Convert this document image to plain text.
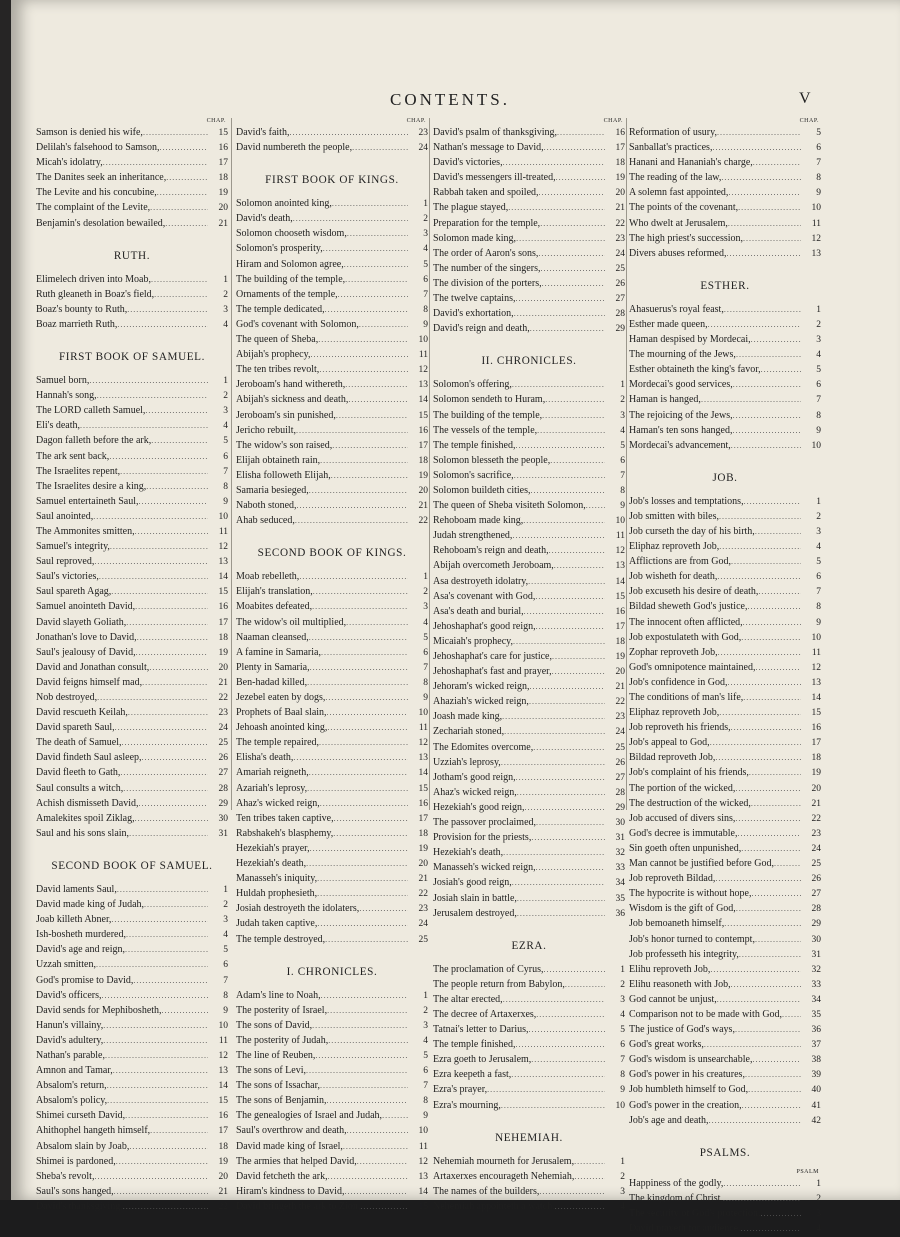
CONTENTS.	V
CHAP.
Samson is denied his wife, .....	15
Delilah's falsehood to Samson, .....	16
Micah's idolatry, .....	17
The Danites seek an inheritance, .....	18
The Levite and his concubine, .....	19
The complaint of the Levite, .....	20
Benjamin's desolation bewailed, .....	21
RUTH.
Elimelech driven into Moab, .....	1
Ruth gleaneth in Boaz's field, .....	2
Boaz's bounty to Ruth, .....	3
Boaz marrieth Ruth, .....	4
FIRST BOOK OF SAMUEL.
Samuel born, .....	1
Hannah's song, .....	2
The LORD calleth Samuel, .....	3
Eli's death, .....	4
Dagon falleth before the ark, .....	5
The ark sent back, .....	6
The Israelites repent, .....	7
The Israelites desire a king, .....	8
Samuel entertaineth Saul, .....	9
Saul anointed, .....	10
The Ammonites smitten, .....	11
Samuel's integrity, .....	12
Saul reproved, .....	13
Saul's victories, .....	14
Saul spareth Agag, .....	15
Samuel anointeth David, .....	16
David slayeth Goliath, .....	17
Jonathan's love to David, .....	18
Saul's jealousy of David, .....	19
David and Jonathan consult, .....	20
David feigns himself mad, .....	21
Nob destroyed, .....	22
David rescueth Keilah, .....	23
David spareth Saul, .....	24
The death of Samuel, .....	25
David findeth Saul asleep, .....	26
David fleeth to Gath, .....	27
Saul consults a witch, .....	28
Achish dismisseth David, .....	29
Amalekites spoil Ziklag, .....	30
Saul and his sons slain, .....	31
SECOND BOOK OF SAMUEL.
David laments Saul, .....	1
David made king of Judah, .....	2
Joab killeth Abner, .....	3
Ish-bosheth murdered, .....	4
David's age and reign, .....	5
Uzzah smitten, .....	6
God's promise to David, .....	7
David's officers, .....	8
David sends for Mephibosheth, .....	9
Hanun's villainy, .....	10
David's adultery, .....	11
Nathan's parable, .....	12
Amnon and Tamar, .....	13
Absalom's return, .....	14
Absalom's policy, .....	15
Shimei curseth David, .....	16
Ahithophel hangeth himself, .....	17
Absalom slain by Joab, .....	18
Shimei is pardoned, .....	19
Sheba's revolt, .....	20
Saul's sons hanged, .....	21
David's thanksgiving, .....	22
CHAP.
David's faith, .....	23
David numbereth the people, .....	24
FIRST BOOK OF KINGS.
Solomon anointed king, .....	1
David's death, .....	2
Solomon chooseth wisdom, .....	3
Solomon's prosperity, .....	4
Hiram and Solomon agree, .....	5
The building of the temple, .....	6
Ornaments of the temple, .....	7
The temple dedicated, .....	8
God's covenant with Solomon, .....	9
The queen of Sheba, .....	10
Abijah's prophecy, .....	11
The ten tribes revolt, .....	12
Jeroboam's hand withereth, .....	13
Abijah's sickness and death, .....	14
Jeroboam's sin punished, .....	15
Jericho rebuilt, .....	16
The widow's son raised, .....	17
Elijah obtaineth rain, .....	18
Elisha followeth Elijah, .....	19
Samaria besieged, .....	20
Naboth stoned, .....	21
Ahab seduced, .....	22
SECOND BOOK OF KINGS.
Moab rebelleth, .....	1
Elijah's translation, .....	2
Moabites defeated, .....	3
The widow's oil multiplied, .....	4
Naaman cleansed, .....	5
A famine in Samaria, .....	6
Plenty in Samaria, .....	7
Ben-hadad killed, .....	8
Jezebel eaten by dogs, .....	9
Prophets of Baal slain, .....	10
Jehoash anointed king, .....	11
The temple repaired, .....	12
Elisha's death, .....	13
Amariah reigneth, .....	14
Azariah's leprosy, .....	15
Ahaz's wicked reign, .....	16
Ten tribes taken captive, .....	17
Rabshakeh's blasphemy, .....	18
Hezekiah's prayer, .....	19
Hezekiah's death, .....	20
Manasseh's iniquity, .....	21
Huldah prophesieth, .....	22
Josiah destroyeth the idolaters, .....	23
Judah taken captive, .....	24
The temple destroyed, .....	25
I. CHRONICLES.
Adam's line to Noah, .....	1
The posterity of Israel, .....	2
The sons of David, .....	3
The posterity of Judah, .....	4
The line of Reuben, .....	5
The sons of Levi, .....	6
The sons of Issachar, .....	7
The sons of Benjamin, .....	8
The genealogies of Israel and Judah, .....	9
Saul's overthrow and death, .....	10
David made king of Israel, .....	11
The armies that helped David, .....	12
David fetcheth the ark, .....	13
Hiram's kindness to David, .....	14
David bringeth the ark to Zion, .....	15
CHAP.
David's psalm of thanksgiving, .....	16
Nathan's message to David, .....	17
David's victories, .....	18
David's messengers ill-treated, .....	19
Rabbah taken and spoiled, .....	20
The plague stayed, .....	21
Preparation for the temple, .....	22
Solomon made king, .....	23
The order of Aaron's sons, .....	24
The number of the singers, .....	25
The division of the porters, .....	26
The twelve captains, .....	27
David's exhortation, .....	28
David's reign and death, .....	29
II. CHRONICLES.
Solomon's offering, .....	1
Solomon sendeth to Huram, .....	2
The building of the temple, .....	3
The vessels of the temple, .....	4
The temple finished, .....	5
Solomon blesseth the people, .....	6
Solomon's sacrifice, .....	7
Solomon buildeth cities, .....	8
The queen of Sheba visiteth Solomon, .....	9
Rehoboam made king, .....	10
Judah strengthened, .....	11
Rehoboam's reign and death, .....	12
Abijah overcometh Jeroboam, .....	13
Asa destroyeth idolatry, .....	14
Asa's covenant with God, .....	15
Asa's death and burial, .....	16
Jehoshaphat's good reign, .....	17
Micaiah's prophecy, .....	18
Jehoshaphat's care for justice, .....	19
Jehoshaphat's fast and prayer, .....	20
Jehoram's wicked reign, .....	21
Ahaziah's wicked reign, .....	22
Joash made king, .....	23
Zechariah stoned, .....	24
The Edomites overcome, .....	25
Uzziah's leprosy, .....	26
Jotham's good reign, .....	27
Ahaz's wicked reign, .....	28
Hezekiah's good reign, .....	29
The passover proclaimed, .....	30
Provision for the priests, .....	31
Hezekiah's death, .....	32
Manasseh's wicked reign, .....	33
Josiah's good reign, .....	34
Josiah slain in battle, .....	35
Jerusalem destroyed, .....	36
EZRA.
The proclamation of Cyrus, .....	1
The people return from Babylon, .....	2
The altar erected, .....	3
The decree of Artaxerxes, .....	4
Tatnai's letter to Darius, .....	5
The temple finished, .....	6
Ezra goeth to Jerusalem, .....	7
Ezra keepeth a fast, .....	8
Ezra's prayer, .....	9
Ezra's mourning, .....	10
NEHEMIAH.
Nehemiah mourneth for Jerusalem, .....	1
Artaxerxes encourageth Nehemiah, .....	2
The names of the builders, .....	3
Nehemiah appointeth a watch, .....	4
CHAP.
Reformation of usury, .....	5
Sanballat's practices, .....	6
Hanani and Hananiah's charge, .....	7
The reading of the law, .....	8
A solemn fast appointed, .....	9
The points of the covenant, .....	10
Who dwelt at Jerusalem, .....	11
The high priest's succession, .....	12
Divers abuses reformed, .....	13
ESTHER.
Ahasuerus's royal feast, .....	1
Esther made queen, .....	2
Haman despised by Mordecai, .....	3
The mourning of the Jews, .....	4
Esther obtaineth the king's favor, .....	5
Mordecai's good services, .....	6
Haman is hanged, .....	7
The rejoicing of the Jews, .....	8
Haman's ten sons hanged, .....	9
Mordecai's advancement, .....	10
JOB.
Job's losses and temptations, .....	1
Job smitten with biles, .....	2
Job curseth the day of his birth, .....	3
Eliphaz reproveth Job, .....	4
Afflictions are from God, .....	5
Job wisheth for death, .....	6
Job excuseth his desire of death, .....	7
Bildad sheweth God's justice, .....	8
The innocent often afflicted, .....	9
Job expostulateth with God, .....	10
Zophar reproveth Job, .....	11
God's omnipotence maintained, .....	12
Job's confidence in God, .....	13
The conditions of man's life, .....	14
Eliphaz reproveth Job, .....	15
Job reproveth his friends, .....	16
Job's appeal to God, .....	17
Bildad reproveth Job, .....	18
Job's complaint of his friends, .....	19
The portion of the wicked, .....	20
The destruction of the wicked, .....	21
Job accused of divers sins, .....	22
God's decree is immutable, .....	23
Sin goeth often unpunished, .....	24
Man cannot be justified before God, .....	25
Job reproveth Bildad, .....	26
The hypocrite is without hope, .....	27
Wisdom is the gift of God, .....	28
Job bemoaneth himself, .....	29
Job's honor turned to contempt, .....	30
Job professeth his integrity, .....	31
Elihu reproveth Job, .....	32
Elihu reasoneth with Job, .....	33
God cannot be unjust, .....	34
Comparison not to be made with God, .....	35
The justice of God's ways, .....	36
God's great works, .....	37
God's wisdom is unsearchable, .....	38
God's power in his creatures, .....	39
Job humbleth himself to God, .....	40
God's power in the creation, .....	41
Job's age and death, .....	42
PSALMS.
PSALM
Happiness of the godly, .....	1
The kingdom of Christ, .....	2
The security of God's protection, .....	3
David prayeth for audience, .....	4
